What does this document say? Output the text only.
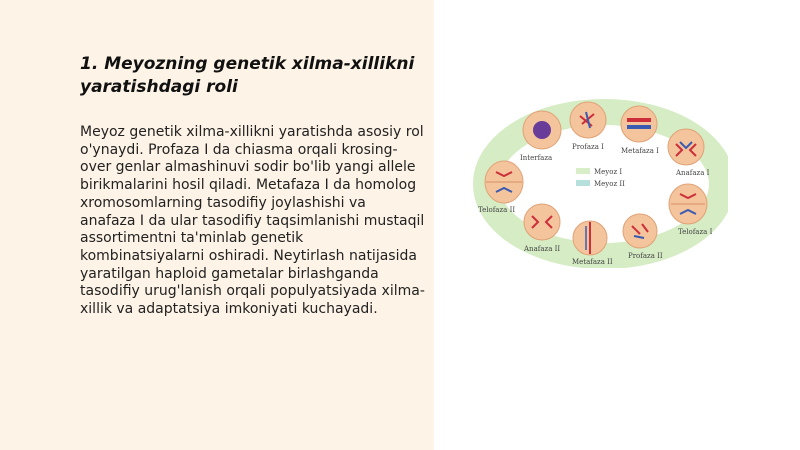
1. Meyozning genetik xilma-xillikni yaratishdagi roli
Meyoz genetik xilma-xillikni yaratishda asosiy rol o'ynaydi. Profaza I da chiasma orqali krosing-over genlar almashinuvi sodir bo'lib yangi allele birikmalarini hosil qiladi. Metafaza I da homolog xromosomlarning tasodifiy joylashishi va anafaza I da ular tasodifiy taqsimlanishi mustaqil assortimentni ta'minlab genetik kombinatsiyalarni oshiradi. Neytirlash natijasida yaratilgan haploid gametalar birlashganda tasodifiy urug'lanish orqali populyatsiyada xilma-xillik va adaptatsiya imkoniyati kuchayadi.
Interfaza
Profaza I Metafaza I
Anafaza I
Telofaza I
Profaza II
Metafaza II
Anafaza II
Telofaza II
Meyoz I
Meyoz II
